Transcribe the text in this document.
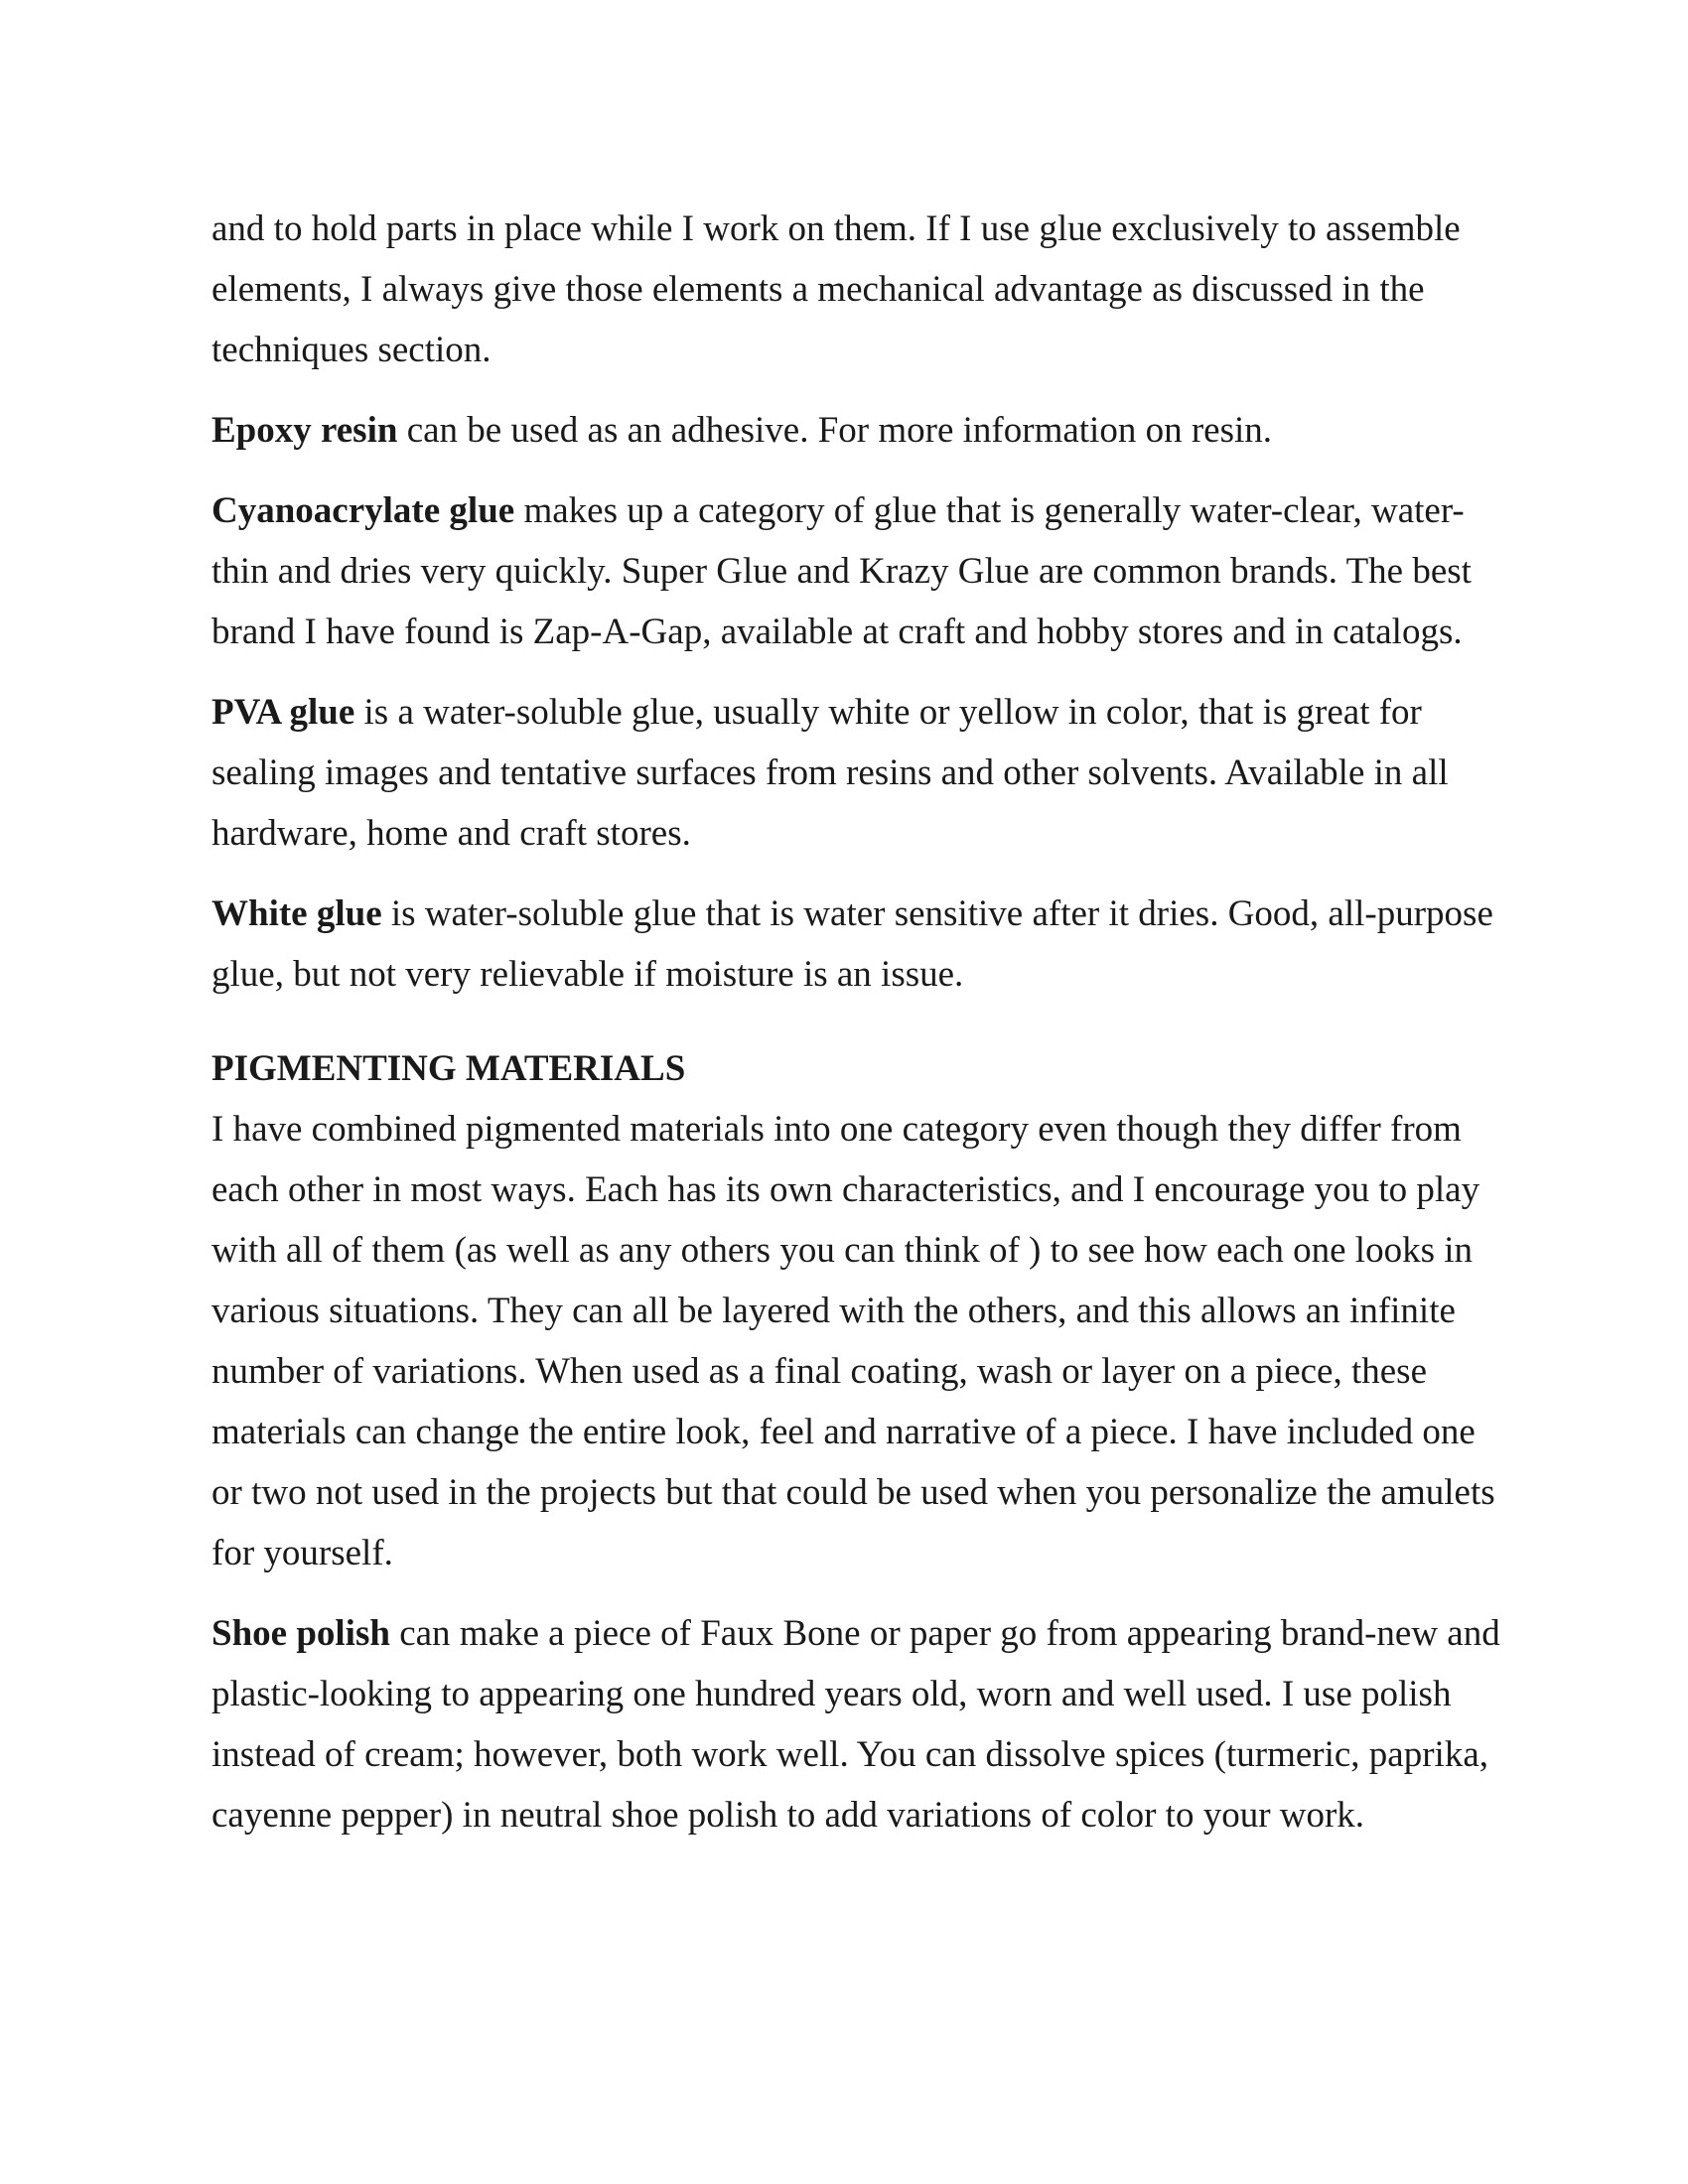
and to hold parts in place while I work on them. If I use glue exclusively to assemble elements, I always give those elements a mechanical advantage as discussed in the techniques section.

Epoxy resin can be used as an adhesive. For more information on resin.

Cyanoacrylate glue makes up a category of glue that is generally water-clear, water-thin and dries very quickly. Super Glue and Krazy Glue are common brands. The best brand I have found is Zap-A-Gap, available at craft and hobby stores and in catalogs.

PVA glue is a water-soluble glue, usually white or yellow in color, that is great for sealing images and tentative surfaces from resins and other solvents. Available in all hardware, home and craft stores.

White glue is water-soluble glue that is water sensitive after it dries. Good, all-purpose glue, but not very relievable if moisture is an issue.

PIGMENTING MATERIALS

I have combined pigmented materials into one category even though they differ from each other in most ways. Each has its own characteristics, and I encourage you to play with all of them (as well as any others you can think of ) to see how each one looks in various situations. They can all be layered with the others, and this allows an infinite number of variations. When used as a final coating, wash or layer on a piece, these materials can change the entire look, feel and narrative of a piece. I have included one or two not used in the projects but that could be used when you personalize the amulets for yourself.

Shoe polish can make a piece of Faux Bone or paper go from appearing brand-new and plastic-looking to appearing one hundred years old, worn and well used. I use polish instead of cream; however, both work well. You can dissolve spices (turmeric, paprika, cayenne pepper) in neutral shoe polish to add variations of color to your work.
